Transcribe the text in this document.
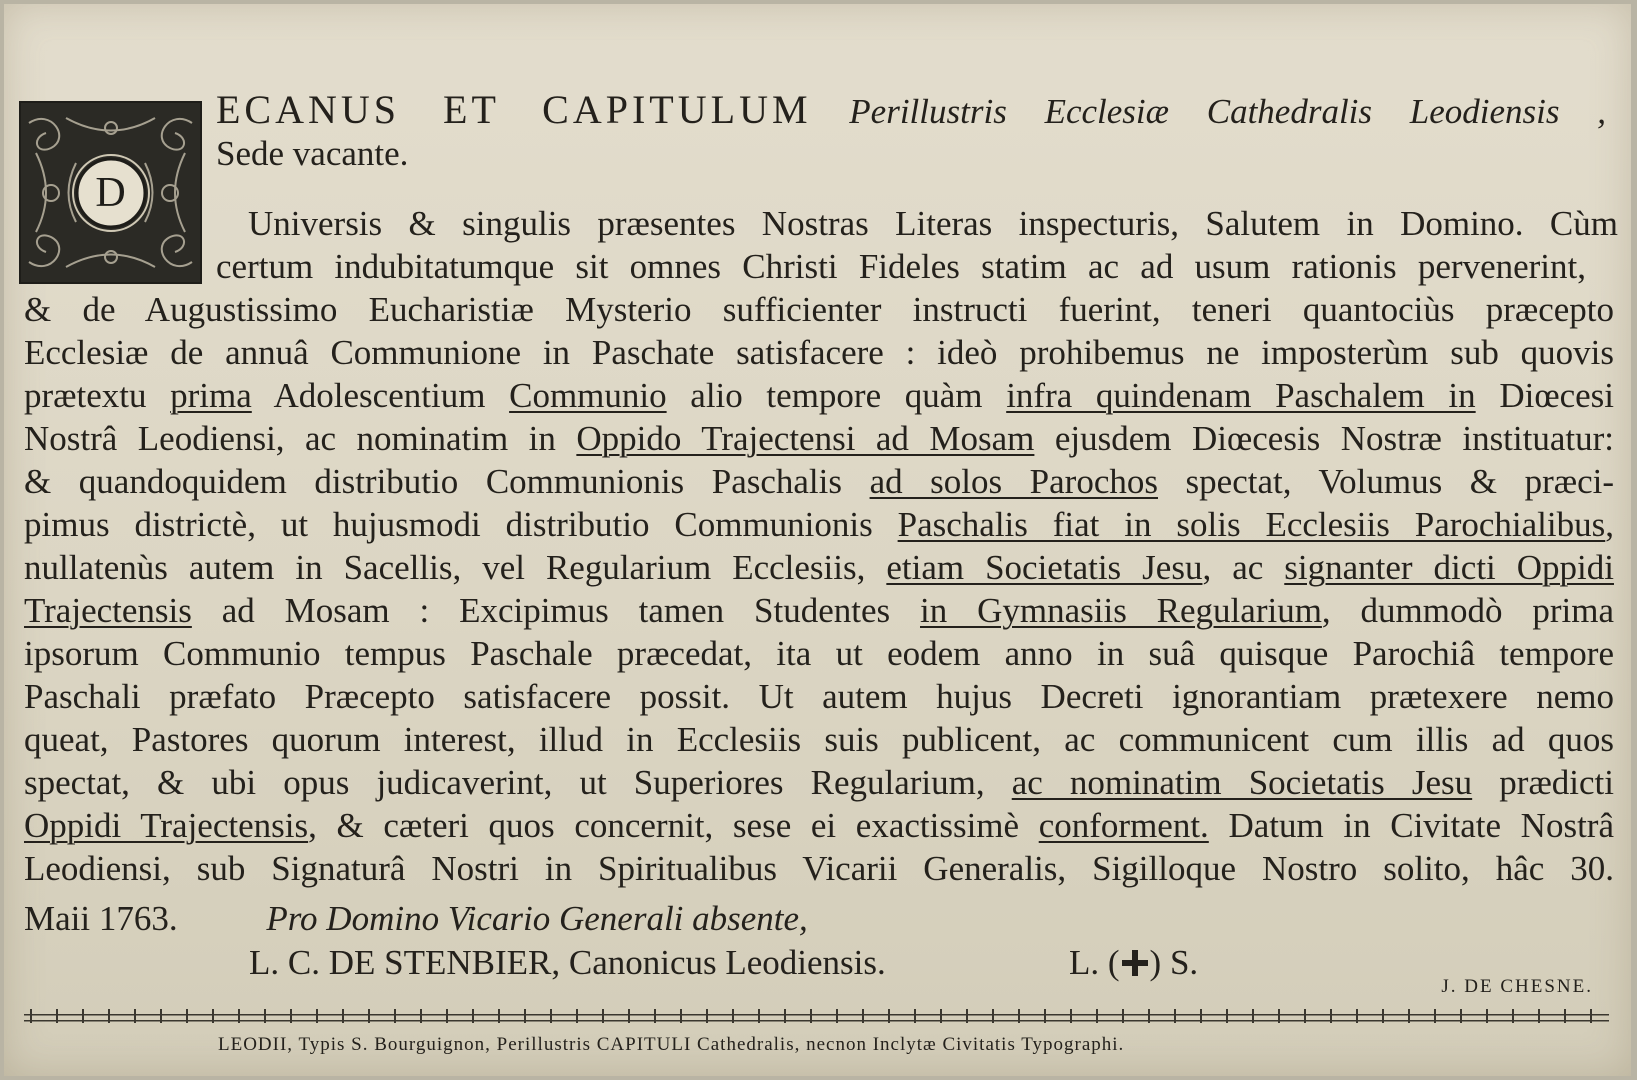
D
ECANUS ET CAPITULUM Perillustris Ecclesiæ Cathedralis Leodiensis ,
Sede vacante.
Universis & singulis præsentes Nostras Literas inspecturis, Salutem in Domino. Cùm
certum indubitatumque sit omnes Christi Fideles statim ac ad usum rationis pervenerint,
& de Augustissimo Eucharistiæ Mysterio sufficienter instructi fuerint, teneri quantociùs præcepto
Ecclesiæ de annuâ Communione in Paschate satisfacere : ideò prohibemus ne imposterùm sub quovis
prætextu prima Adolescentium Communio alio tempore quàm infra quindenam Paschalem in Diœcesi
Nostrâ Leodiensi, ac nominatim in Oppido Trajectensi ad Mosam ejusdem Diœcesis Nostræ instituatur:
& quandoquidem distributio Communionis Paschalis ad solos Parochos spectat, Volumus & præci-
pimus districtè, ut hujusmodi distributio Communionis Paschalis fiat in solis Ecclesiis Parochialibus,
nullatenùs autem in Sacellis, vel Regularium Ecclesiis, etiam Societatis Jesu, ac signanter dicti Oppidi
Trajectensis ad Mosam : Excipimus tamen Studentes in Gymnasiis Regularium, dummodò prima
ipsorum Communio tempus Paschale præcedat, ita ut eodem anno in suâ quisque Parochiâ tempore
Paschali præfato Præcepto satisfacere possit. Ut autem hujus Decreti ignorantiam prætexere nemo
queat, Pastores quorum interest, illud in Ecclesiis suis publicent, ac communicent cum illis ad quos
spectat, & ubi opus judicaverint, ut Superiores Regularium, ac nominatim Societatis Jesu prædicti
Oppidi Trajectensis, & cæteri quos concernit, sese ei exactissimè conforment. Datum in Civitate Nostrâ
Leodiensi, sub Signaturâ Nostri in Spiritualibus Vicarii Generalis, Sigilloque Nostro solito, hâc 30.
Maii 1763.	Pro Domino Vicario Generali absente,
L. C. DE STENBIER, Canonicus Leodiensis.	L. ( ) S.
J. DE CHESNE.
LEODII, Typis S. Bourguignon, Perillustris CAPITULI Cathedralis, necnon Inclytæ Civitatis Typographi.
